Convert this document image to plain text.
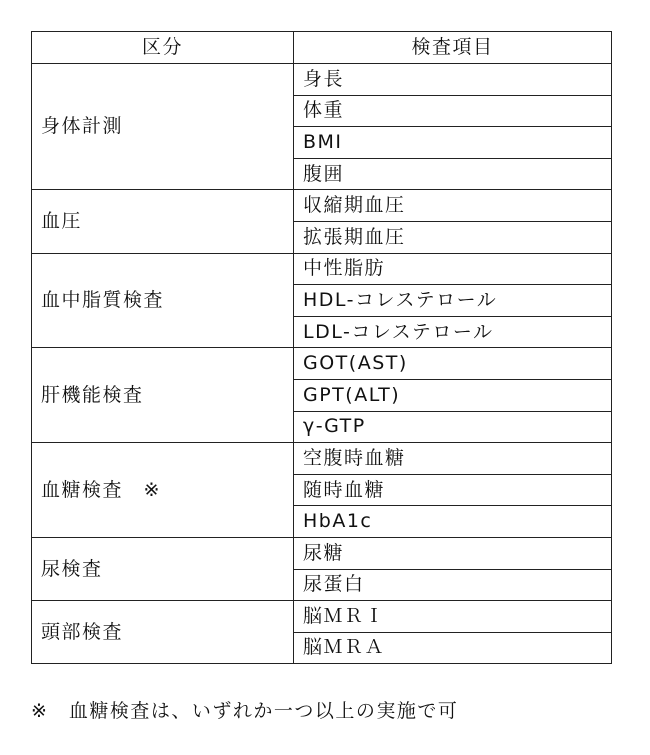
区分	検査項目
身体計測	身長
	体重
	BMI
	腹囲
血圧	収縮期血圧
	拡張期血圧
血中脂質検査	中性脂肪
	HDL-コレステロール
	LDL-コレステロール
肝機能検査	GOT(AST)
	GPT(ALT)
	γ-GTP
血糖検査　※	空腹時血糖
	随時血糖
	HbA1c
尿検査	尿糖
	尿蛋白
頭部検査	脳ＭＲＩ
	脳ＭＲＡ

※　血糖検査は、いずれか一つ以上の実施で可
